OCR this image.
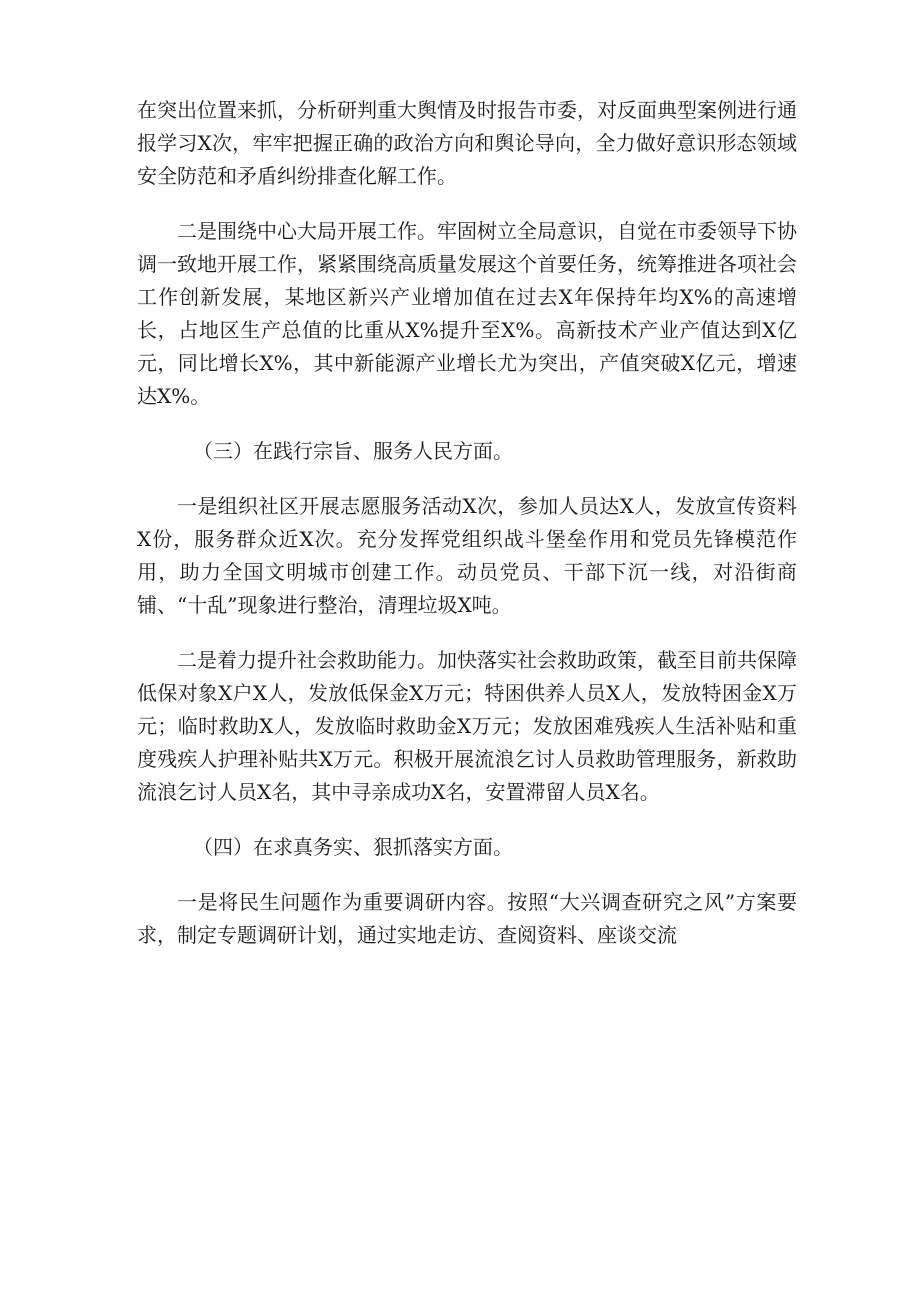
在突出位置来抓，分析研判重大舆情及时报告市委，对反面典型案例进行通报学习X次，牢牢把握正确的政治方向和舆论导向，全力做好意识形态领域安全防范和矛盾纠纷排查化解工作。

二是围绕中心大局开展工作。牢固树立全局意识，自觉在市委领导下协调一致地开展工作，紧紧围绕高质量发展这个首要任务，统筹推进各项社会工作创新发展，某地区新兴产业增加值在过去X年保持年均X%的高速增长，占地区生产总值的比重从X%提升至X%。高新技术产业产值达到X亿元，同比增长X%，其中新能源产业增长尤为突出，产值突破X亿元，增速达X%。

（三）在践行宗旨、服务人民方面。

一是组织社区开展志愿服务活动X次，参加人员达X人，发放宣传资料X份，服务群众近X次。充分发挥党组织战斗堡垒作用和党员先锋模范作用，助力全国文明城市创建工作。动员党员、干部下沉一线，对沿街商铺、“十乱”现象进行整治，清理垃圾X吨。

二是着力提升社会救助能力。加快落实社会救助政策，截至目前共保障低保对象X户X人，发放低保金X万元；特困供养人员X人，发放特困金X万元；临时救助X人，发放临时救助金X万元；发放困难残疾人生活补贴和重度残疾人护理补贴共X万元。积极开展流浪乞讨人员救助管理服务，新救助流浪乞讨人员X名，其中寻亲成功X名，安置滞留人员X名。

（四）在求真务实、狠抓落实方面。

一是将民生问题作为重要调研内容。按照“大兴调查研究之风”方案要求，制定专题调研计划，通过实地走访、查阅资料、座谈交流
